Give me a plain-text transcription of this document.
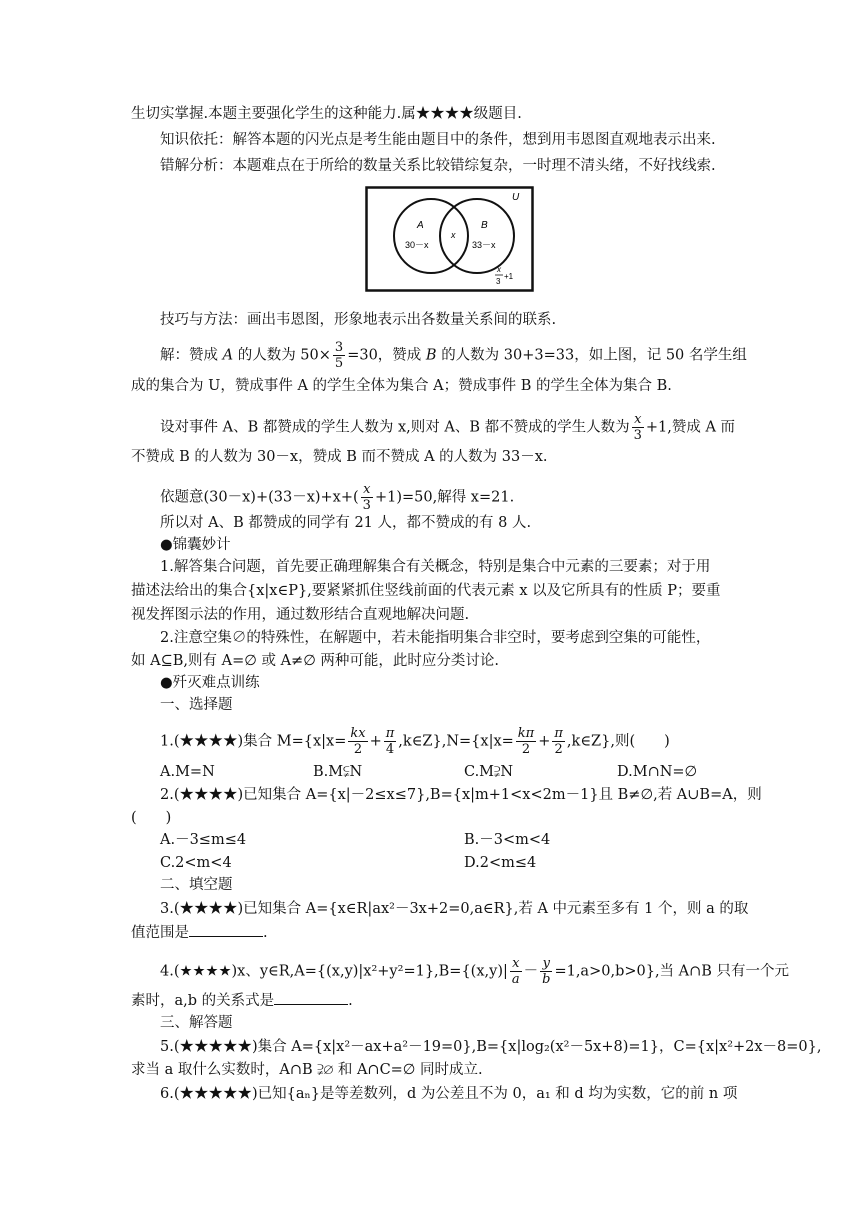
生切实掌握.本题主要强化学生的这种能力.属★★★★级题目.
知识依托：解答本题的闪光点是考生能由题目中的条件，想到用韦恩图直观地表示出来.
错解分析：本题难点在于所给的数量关系比较错综复杂，一时理不清头绪，不好找线索.
U
A	B
30－x
x
33－x
x
3
+1
技巧与方法：画出韦恩图，形象地表示出各数量关系间的联系.
解：赞成 A 的人数为 $50\times \frac{3}{5} =30$，赞成 B 的人数为 30+3=33，如上图，记 50 名学生组
成的集合为 U，赞成事件 A 的学生全体为集合 A；赞成事件 B 的学生全体为集合 B.
设对事件 A、B 都赞成的学生人数为 x,则对 A、B 都不赞成的学生人数为 $\frac{x}{3} +1$,赞成 A 而
不赞成 B 的人数为 30－x，赞成 B 而不赞成 A 的人数为 33－x.
依题意$(30-x)+(33-x)+x+( \frac{x}{3} +1)=50$,解得 x=21.
所以对 A、B 都赞成的同学有 21 人，都不赞成的有 8 人.
●锦囊妙计
1.解答集合问题，首先要正确理解集合有关概念，特别是集合中元素的三要素；对于用
描述法给出的集合{x|x∈P},要紧紧抓住竖线前面的代表元素 x 以及它所具有的性质 P；要重
视发挥图示法的作用，通过数形结合直观地解决问题.
2.注意空集∅的特殊性，在解题中，若未能指明集合非空时，要考虑到空集的可能性，
如 A⊆B,则有 A=∅ 或 A≠∅ 两种可能，此时应分类讨论.
●歼灭难点训练
一、选择题
1.(★★★★)集合 $M=\{x|x= \frac{kx}{2} + \frac{\pi}{4}$ ,k∈Z},N={x|x= $\frac{k\pi}{2} + \frac{\pi}{2}$ ,k∈Z},则(　　)
A.M=N	B.M⫋N	C.M⫌N	D.M∩N=∅
2.(★★★★)已知集合 A={x|－2≤x≤7},B={x|m+1<x<2m－1}且 B≠∅,若 A∪B=A，则
(　　)
A.－3≤m≤4	B.－3<m<4
C.2<m<4	D.2<m≤4
二、填空题
3.(★★★★)已知集合 A={x∈R|ax²－3x+2=0,a∈R},若 A 中元素至多有 1 个，则 a 的取
值范围是	.
4.(★★★★)x、y∈R,A={(x,y)|x²+y²=1},B={(x,y)| $\frac{x}{a} - \frac{y}{b} =1,a>0,b>0$},当 A∩B 只有一个元
素时，a,b 的关系式是	.
三、解答题
5.(★★★★★)集合 A={x|x²－ax+a²－19=0},B={x|log₂(x²－5x+8)=1}，C={x|x²+2x－8=0},
求当 a 取什么实数时，A∩B ⫌∅ 和 A∩C=∅ 同时成立.
6.(★★★★★)已知{aₙ}是等差数列，d 为公差且不为 0，a₁ 和 d 均为实数，它的前 n 项
